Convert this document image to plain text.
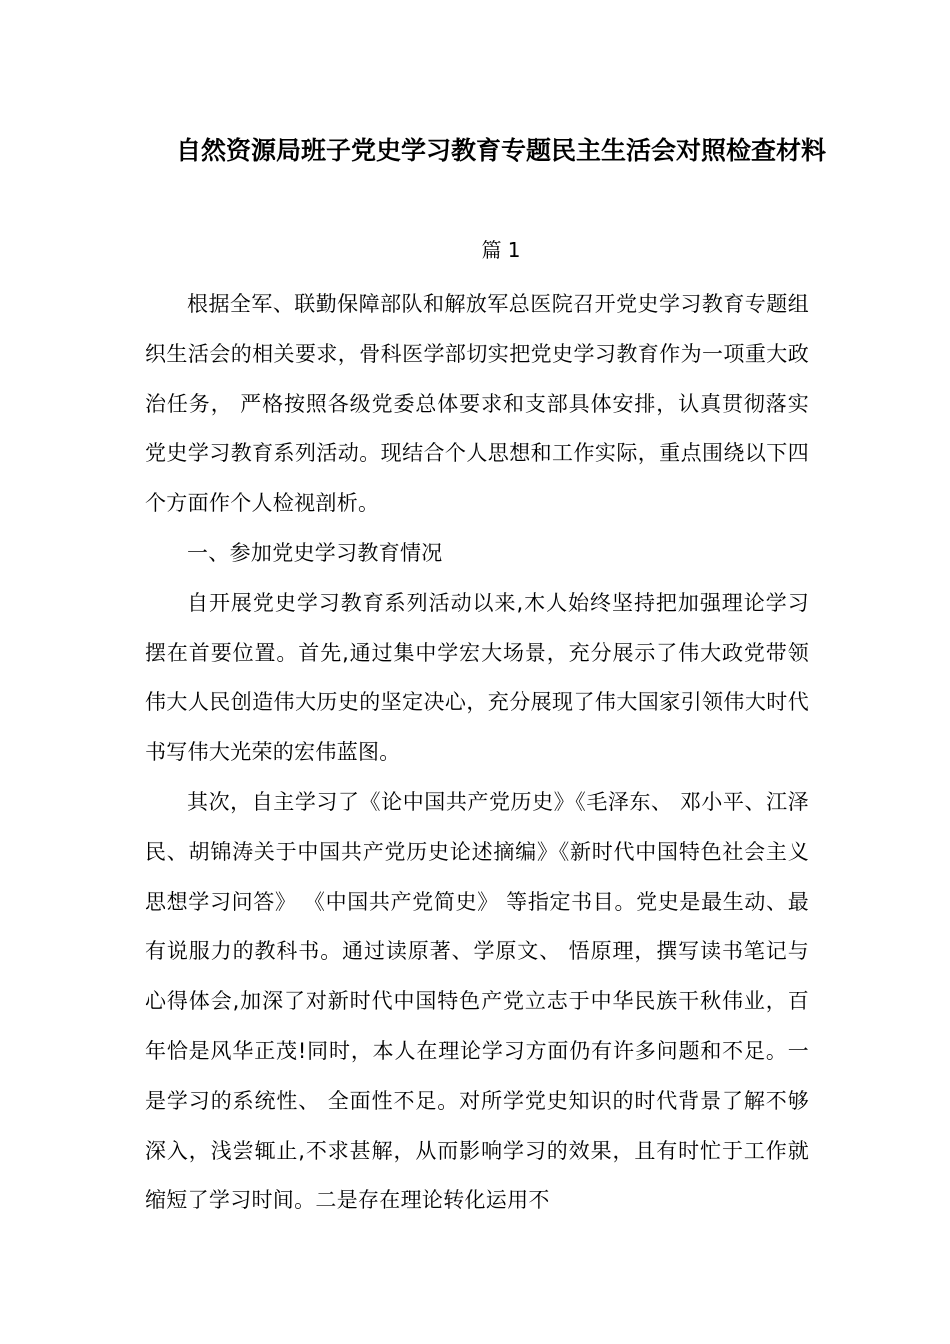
自然资源局班子党史学习教育专题民主生活会对照检查材料
篇 1

根据全军、联勤保障部队和解放军总医院召开党史学习教育专题组织生活会的相关要求，骨科医学部切实把党史学习教育作为一项重大政治任务， 严格按照各级党委总体要求和支部具体安排，认真贯彻落实党史学习教育系列活动。现结合个人思想和工作实际，重点围绕以下四个方面作个人检视剖析。

一、参加党史学习教育情况

自开展党史学习教育系列活动以来,木人始终坚持把加强理论学习摆在首要位置。首先,通过集中学宏大场景，充分展示了伟大政党带领伟大人民创造伟大历史的坚定决心，充分展现了伟大国家引领伟大时代书写伟大光荣的宏伟蓝图。

其次，自主学习了《论中国共产党历史》《毛泽东、 邓小平、江泽民、胡锦涛关于中国共产党历史论述摘编》《新时代中国特色社会主义思想学习问答》 《中国共产党简史》 等指定书目。党史是最生动、最有说服力的教科书。通过读原著、学原文、 悟原理，撰写读书笔记与心得体会,加深了对新时代中国特色产党立志于中华民族干秋伟业，百年恰是风华正茂!同时，本人在理论学习方面仍有许多问题和不足。一是学习的系统性、 全面性不足。对所学党史知识的时代背景了解不够深入，浅尝辄止,不求甚解，从而影响学习的效果，且有时忙于工作就缩短了学习时间。二是存在理论转化运用不
